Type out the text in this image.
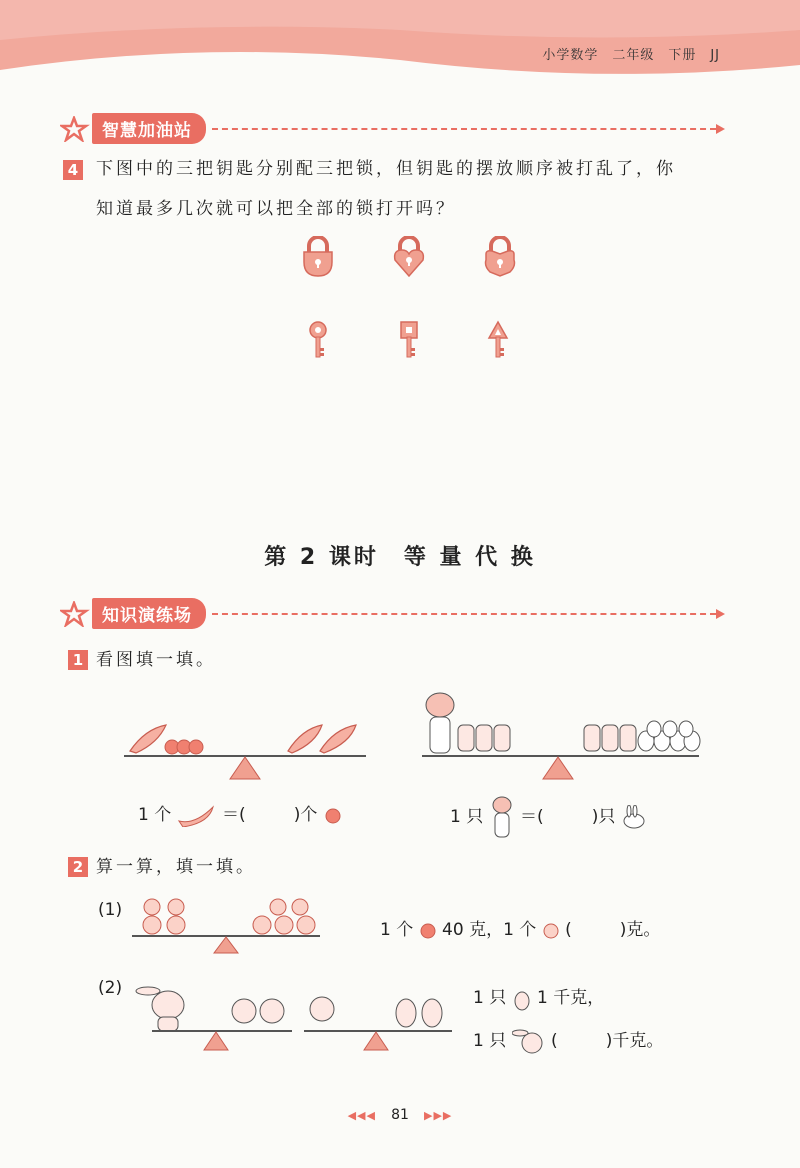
小学数学　二年级　下册　JJ
智慧加油站
4 下图中的三把钥匙分别配三把锁，但钥匙的摆放顺序被打乱了，你
知道最多几次就可以把全部的锁打开吗？
第 2 课时　等 量 代 换
知识演练场
1 看图填一填。
1 个	＝(	)个	1 只 ＝(	)只
2 算一算，填一填。
(1)
1 个 40 克，1 个 (	)克。
(2)	1 只 1 千克，
1 只	(	)千克。
◀◀◀ 81 ▶▶▶
